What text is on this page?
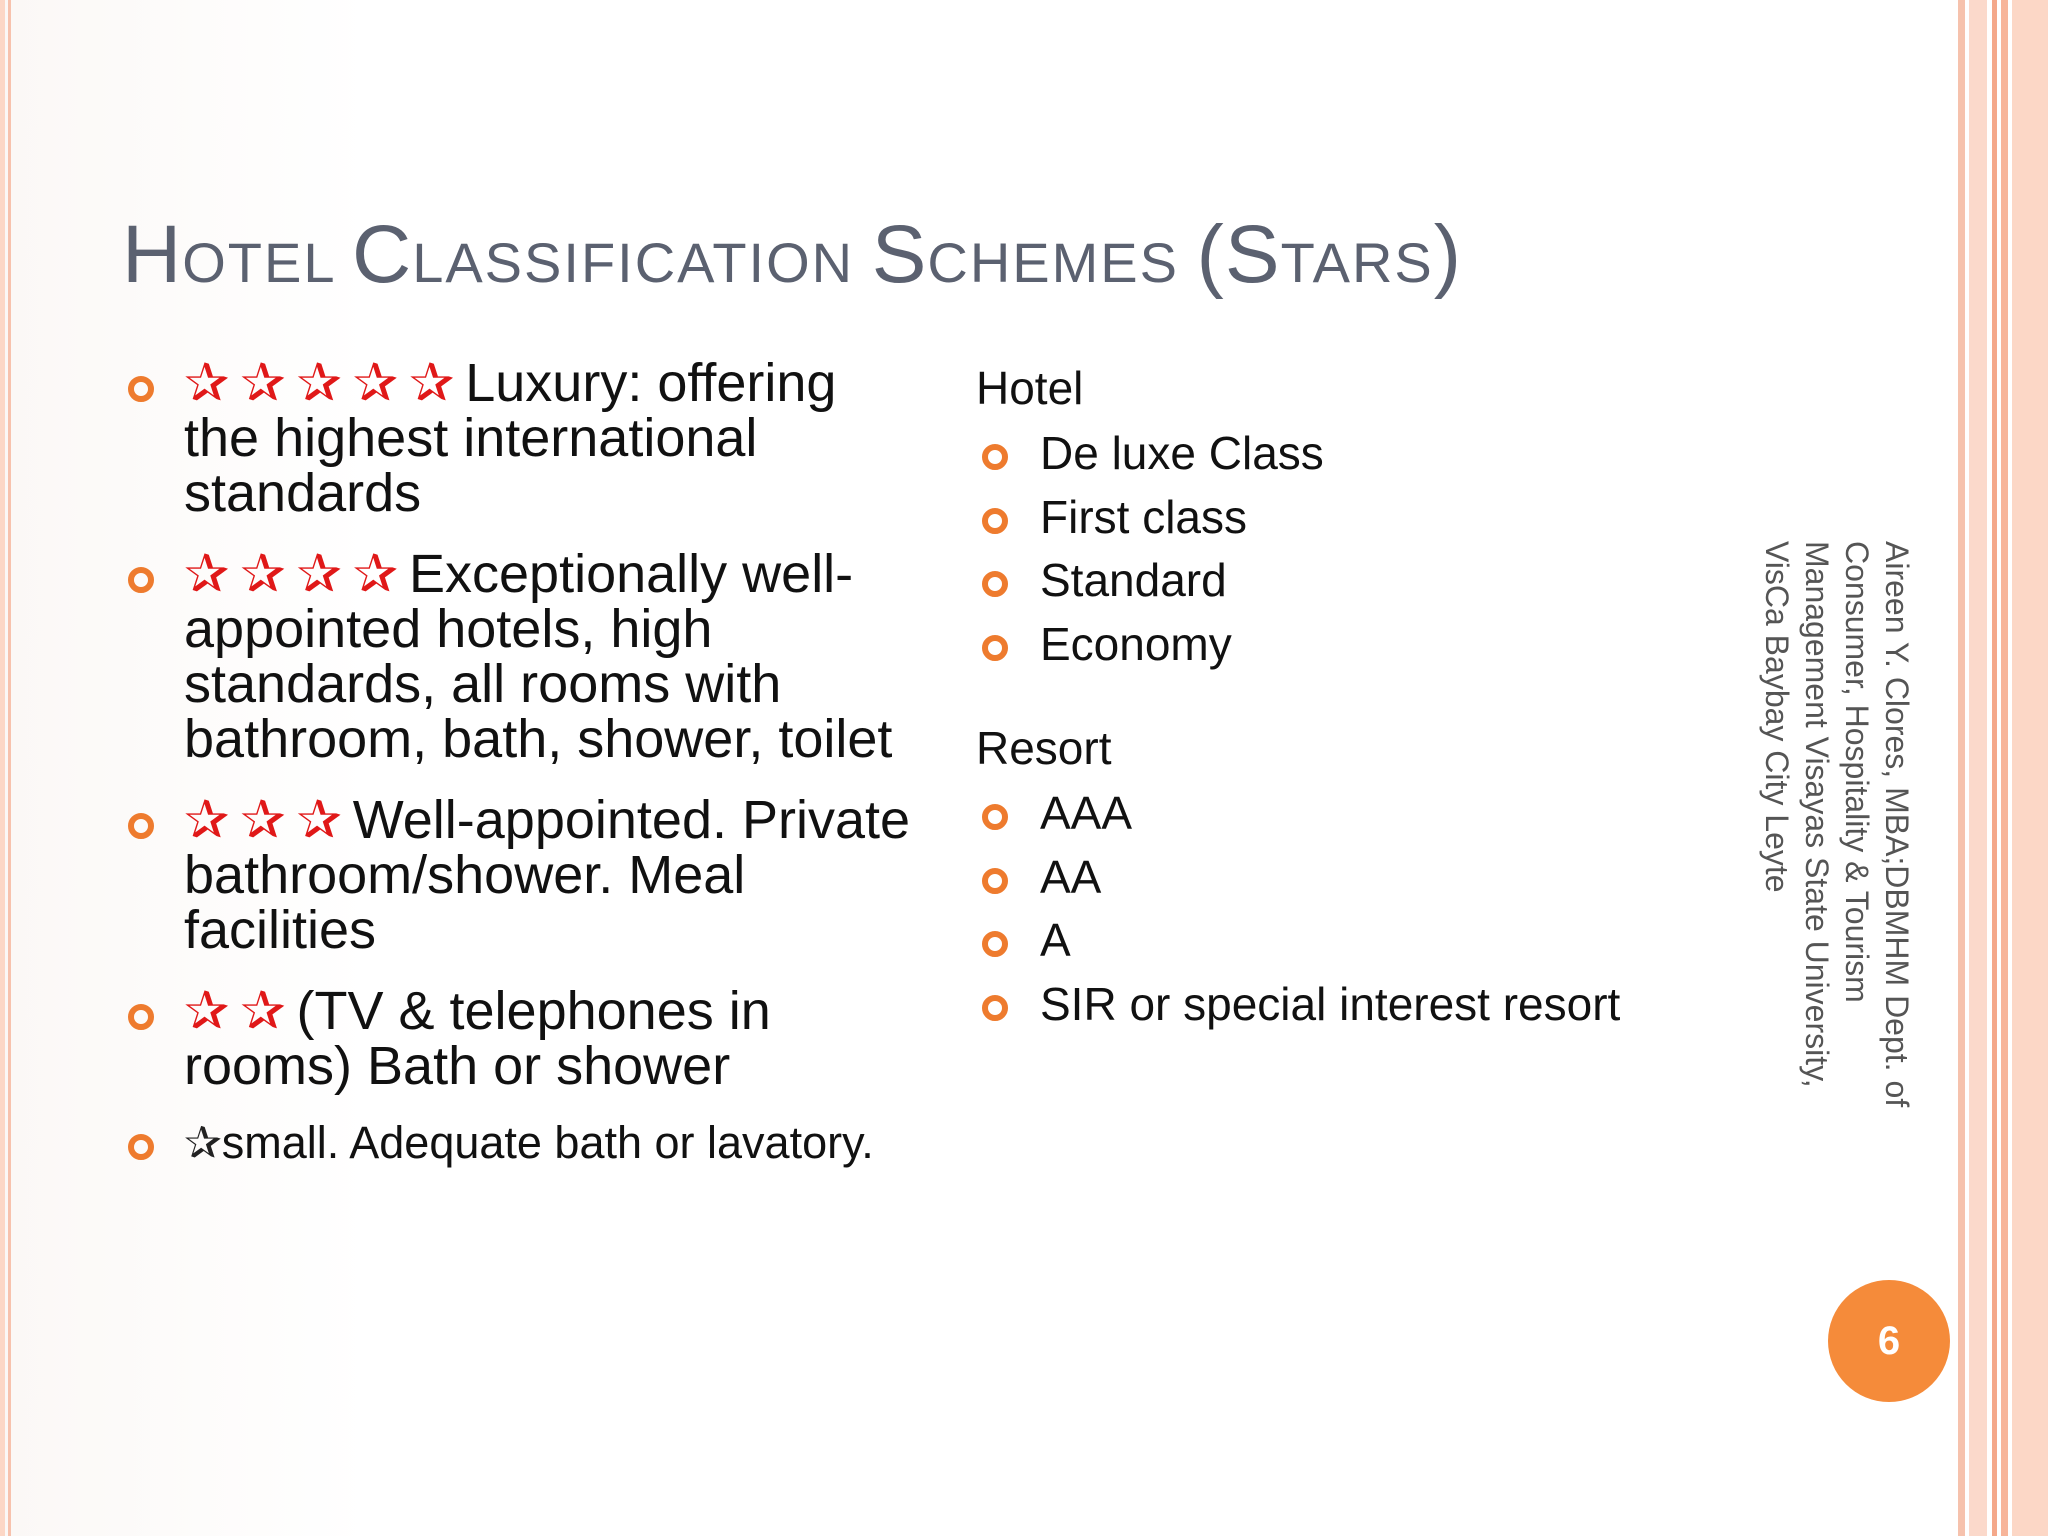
HOTEL CLASSIFICATION SCHEMES (STARS)
✰✰✰✰✰Luxury: offering the highest international standards
✰✰✰✰Exceptionally well-appointed hotels, high standards, all rooms with bathroom, bath, shower, toilet
✰✰✰Well-appointed. Private bathroom/shower. Meal facilities
✰✰(TV & telephones in rooms) Bath or shower
✰small. Adequate bath or lavatory.
Hotel
De luxe Class
First class
Standard
Economy
Resort
AAA
AA
A
SIR or special interest resort	Aireen Y. Clores, MBA;DBMHM Dept. of
Consumer, Hospitality & Tourism
Management Visayas State University,
VisCa Baybay City Leyte
6
